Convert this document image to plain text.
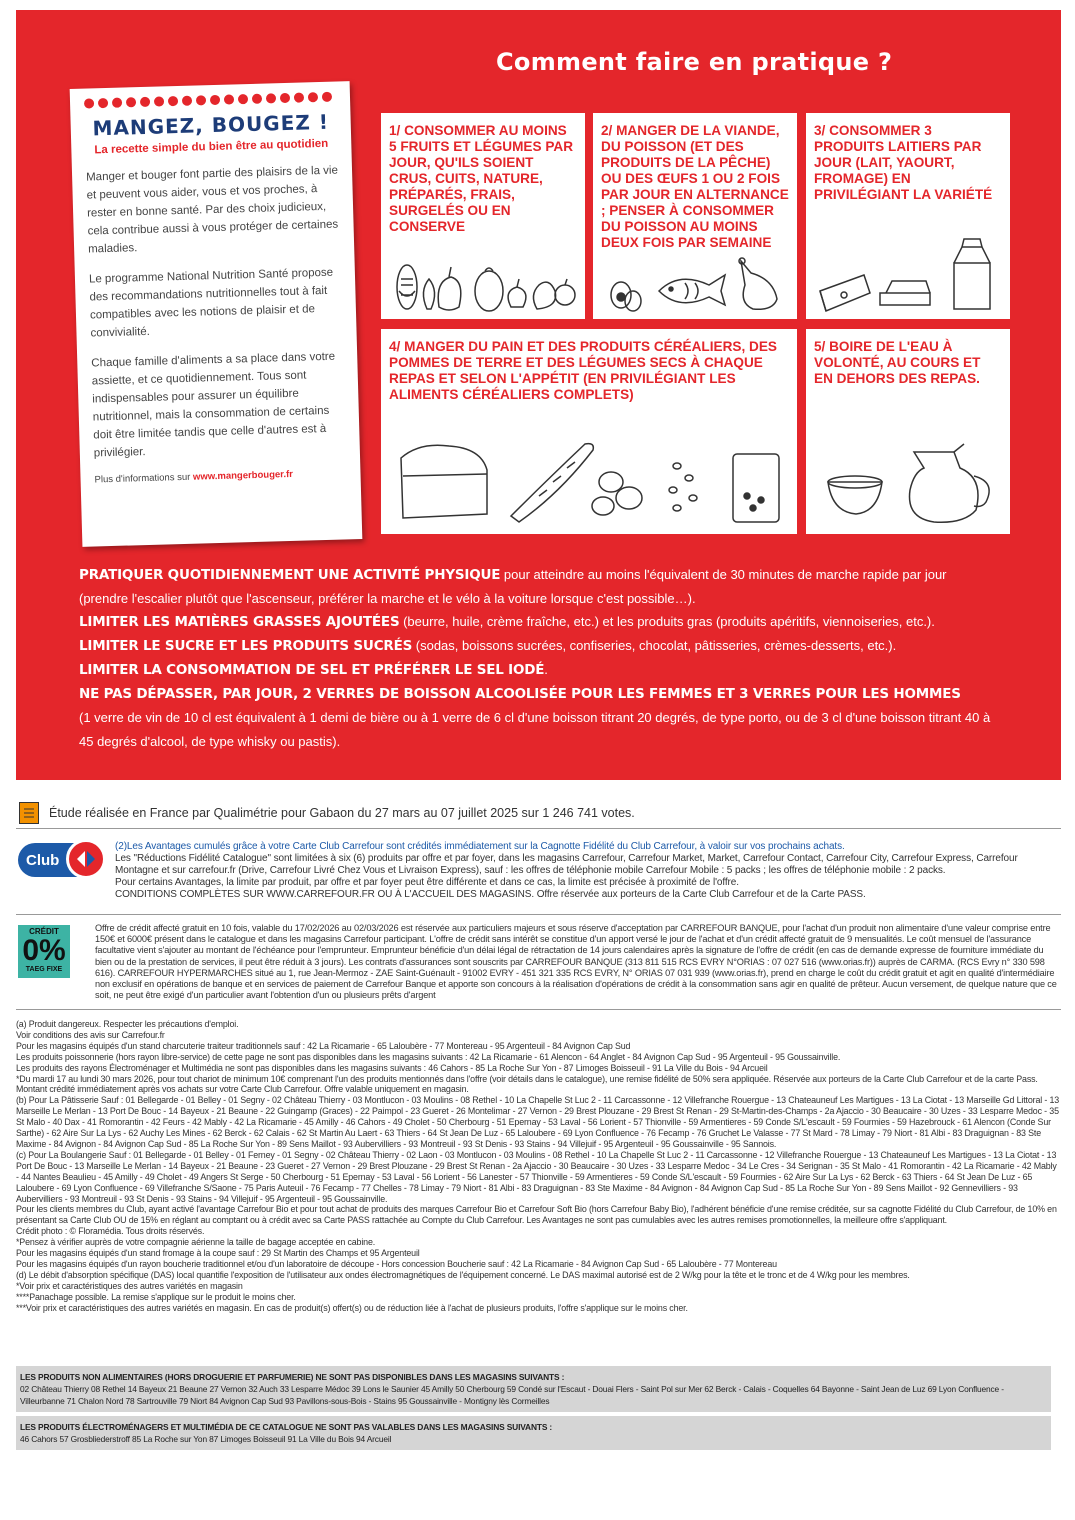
Comment faire en pratique ?
MANGEZ, BOUGEZ !
La recette simple du bien être au quotidien

Manger et bouger font partie des plaisirs de la vie et peuvent vous aider, vous et vos proches, à rester en bonne santé. Par des choix judicieux, cela contribue aussi à vous protéger de certaines maladies.

Le programme National Nutrition Santé propose des recommandations nutritionnelles tout à fait compatibles avec les notions de plaisir et de convivialité.

Chaque famille d'aliments a sa place dans votre assiette, et ce quotidiennement. Tous sont indispensables pour assurer un équilibre nutritionnel, mais la consommation de certains doit être limitée tandis que celle d'autres est à privilégier.

Plus d'informations sur www.mangerbouger.fr

1/ CONSOMMER AU MOINS 5 FRUITS ET LÉGUMES PAR JOUR, QU'ILS SOIENT CRUS, CUITS, NATURE, PRÉPARÉS, FRAIS, SURGELÉS OU EN CONSERVE
2/ MANGER DE LA VIANDE, DU POISSON (ET DES PRODUITS DE LA PÊCHE) OU DES ŒUFS 1 OU 2 FOIS PAR JOUR EN ALTERNANCE ; PENSER À CONSOMMER DU POISSON AU MOINS DEUX FOIS PAR SEMAINE
3/ CONSOMMER 3 PRODUITS LAITIERS PAR JOUR (LAIT, YAOURT, FROMAGE) EN PRIVILÉGIANT LA VARIÉTÉ
4/ MANGER DU PAIN ET DES PRODUITS CÉRÉALIERS, DES POMMES DE TERRE ET DES LÉGUMES SECS À CHAQUE REPAS ET SELON L'APPÉTIT (EN PRIVILÉGIANT LES ALIMENTS CÉRÉALIERS COMPLETS)
5/ BOIRE DE L'EAU À VOLONTÉ, AU COURS ET EN DEHORS DES REPAS.
PRATIQUER QUOTIDIENNEMENT UNE ACTIVITÉ PHYSIQUE pour atteindre au moins l'équivalent de 30 minutes de marche rapide par jour (prendre l'escalier plutôt que l'ascenseur, préférer la marche et le vélo à la voiture lorsque c'est possible…).
LIMITER LES MATIÈRES GRASSES AJOUTÉES (beurre, huile, crème fraîche, etc.) et les produits gras (produits apéritifs, viennoiseries, etc.).
LIMITER LE SUCRE ET LES PRODUITS SUCRÉS (sodas, boissons sucrées, confiseries, chocolat, pâtisseries, crèmes-desserts, etc.).
LIMITER LA CONSOMMATION DE SEL ET PRÉFÉRER LE SEL IODÉ.
NE PAS DÉPASSER, PAR JOUR, 2 VERRES DE BOISSON ALCOOLISÉE POUR LES FEMMES ET 3 VERRES POUR LES HOMMES
(1 verre de vin de 10 cl est équivalent à 1 demi de bière ou à 1 verre de 6 cl d'une boisson titrant 20 degrés, de type porto, ou de 3 cl d'une boisson titrant 40 à 45 degrés d'alcool, de type whisky ou pastis).
Étude réalisée en France par Qualimétrie pour Gabaon du 27 mars au 07 juillet 2025 sur 1 246 741 votes.
Club
(2)Les Avantages cumulés grâce à votre Carte Club Carrefour sont crédités immédiatement sur la Cagnotte Fidélité du Club Carrefour, à valoir sur vos prochains achats.
Les "Réductions Fidélité Catalogue" sont limitées à six (6) produits par offre et par foyer, dans les magasins Carrefour, Carrefour Market, Market, Carrefour Contact, Carrefour City, Carrefour Express, Carrefour Montagne et sur carrefour.fr (Drive, Carrefour Livré Chez Vous et Livraison Express), sauf : les offres de téléphonie mobile Carrefour Mobile : 5 packs ; les offres de téléphonie mobile : 2 packs.
Pour certains Avantages, la limite par produit, par offre et par foyer peut être différente et dans ce cas, la limite est précisée à proximité de l'offre.
CONDITIONS COMPLÈTES SUR WWW.CARREFOUR.FR OU À L'ACCUEIL DES MAGASINS. Offre réservée aux porteurs de la Carte Club Carrefour et de la Carte PASS.
CRÉDIT
0%
TAEG FIXE
Offre de crédit affecté gratuit en 10 fois, valable du 17/02/2026 au 02/03/2026 est réservée aux particuliers majeurs et sous réserve d'acceptation par CARREFOUR BANQUE, pour l'achat d'un produit non alimentaire d'une valeur comprise entre 150€ et 6000€ présent dans le catalogue et dans les magasins Carrefour participant. L'offre de crédit sans intérêt se constitue d'un apport versé le jour de l'achat et d'un crédit affecté gratuit de 9 mensualités. Le coût mensuel de l'assurance facultative vient s'ajouter au montant de l'échéance pour l'emprunteur. Emprunteur bénéficie d'un délai légal de rétractation de 14 jours calendaires après la signature de l'offre de crédit (en cas de demande expresse de fourniture immédiate du bien ou de la prestation de services, il peut être réduit à 3 jours). Les contrats d'assurances sont souscrits par CARREFOUR BANQUE (313 811 515 RCS EVRY N°ORIAS : 07 027 516 (www.orias.fr)) auprès de CARMA. (RCS Evry n° 330 598 616). CARREFOUR HYPERMARCHES situé au 1, rue Jean-Mermoz - ZAE Saint-Guénault - 91002 EVRY - 451 321 335 RCS EVRY, N° ORIAS 07 031 939 (www.orias.fr), prend en charge le coût du crédit gratuit et agit en qualité d'intermédiaire non exclusif en opérations de banque et en services de paiement de Carrefour Banque et apporte son concours à la réalisation d'opérations de crédit à la consommation sans agir en qualité de prêteur. Aucun versement, de quelque nature que ce soit, ne peut être exigé d'un particulier avant l'obtention d'un ou plusieurs prêts d'argent
(a) Produit dangereux. Respecter les précautions d'emploi.
Voir conditions des avis sur Carrefour.fr
Pour les magasins équipés d'un stand charcuterie traiteur traditionnels sauf : 42 La Ricamarie - 65 Laloubère - 77 Montereau - 95 Argenteuil - 84 Avignon Cap Sud
Les produits poissonnerie (hors rayon libre-service) de cette page ne sont pas disponibles dans les magasins suivants : 42 La Ricamarie - 61 Alencon - 64 Anglet - 84 Avignon Cap Sud - 95 Argenteuil - 95 Goussainville.
Les produits des rayons Électroménager et Multimédia ne sont pas disponibles dans les magasins suivants : 46 Cahors - 85 La Roche Sur Yon - 87 Limoges Boisseuil - 91 La Ville du Bois - 94 Arcueil
*Du mardi 17 au lundi 30 mars 2026, pour tout chariot de minimum 10€ comprenant l'un des produits mentionnés dans l'offre (voir détails dans le catalogue), une remise fidélité de 50% sera appliquée. Réservée aux porteurs de la Carte Club Carrefour et de la carte Pass. Montant crédité immédiatement après vos achats sur votre Carte Club Carrefour. Offre valable uniquement en magasin.
(b) Pour La Pâtisserie Sauf : 01 Bellegarde - 01 Belley - 01 Segny - 02 Château Thierry - 03 Montlucon - 03 Moulins - 08 Rethel - 10 La Chapelle St Luc 2 - 11 Carcassonne - 12 Villefranche Rouergue - 13 Chateauneuf Les Martigues - 13 La Ciotat - 13 Marseille Gd Littoral - 13 Marseille Le Merlan - 13 Port De Bouc - 14 Bayeux - 21 Beaune - 22 Guingamp (Graces) - 22 Paimpol - 23 Gueret - 26 Montelimar - 27 Vernon - 29 Brest Plouzane - 29 Brest St Renan - 29 St-Martin-des-Champs - 2a Ajaccio - 30 Beaucaire - 30 Uzes - 33 Lesparre Medoc - 35 St Malo - 40 Dax - 41 Romorantin - 42 Feurs - 42 Mably - 42 La Ricamarie - 45 Amilly - 46 Cahors - 49 Cholet - 50 Cherbourg - 51 Epernay - 53 Laval - 56 Lorient - 57 Thionville - 59 Armentieres - 59 Conde S/L'escault - 59 Fourmies - 59 Hazebrouck - 61 Alencon (Conde Sur Sarthe) - 62 Aire Sur La Lys - 62 Auchy Les Mines - 62 Berck - 62 Calais - 62 St Martin Au Laert - 63 Thiers - 64 St Jean De Luz - 65 Laloubere - 69 Lyon Confluence - 76 Fecamp - 76 Gruchet Le Valasse - 77 St Mard - 78 Limay - 79 Niort - 81 Albi - 83 Draguignan - 83 Ste Maxime - 84 Avignon - 84 Avignon Cap Sud - 85 La Roche Sur Yon - 89 Sens Maillot - 93 Aubervilliers - 93 Montreuil - 93 St Denis - 93 Stains - 94 Villejuif - 95 Argenteuil - 95 Goussainville - 95 Sannois.
(c) Pour La Boulangerie Sauf : 01 Bellegarde - 01 Belley - 01 Ferney - 01 Segny - 02 Château Thierry - 02 Laon - 03 Montlucon - 03 Moulins - 08 Rethel - 10 La Chapelle St Luc 2 - 11 Carcassonne - 12 Villefranche Rouergue - 13 Chateauneuf Les Martigues - 13 La Ciotat - 13 Port De Bouc - 13 Marseille Le Merlan - 14 Bayeux - 21 Beaune - 23 Gueret - 27 Vernon - 29 Brest Plouzane - 29 Brest St Renan - 2a Ajaccio - 30 Beaucaire - 30 Uzes - 33 Lesparre Medoc - 34 Le Cres - 34 Serignan - 35 St Malo - 41 Romorantin - 42 La Ricamarie - 42 Mably - 44 Nantes Beaulieu - 45 Amilly - 49 Cholet - 49 Angers St Serge - 50 Cherbourg - 51 Epernay - 53 Laval - 56 Lorient - 56 Lanester - 57 Thionville - 59 Armentieres - 59 Conde S/L'escault - 59 Fourmies - 62 Aire Sur La Lys - 62 Berck - 63 Thiers - 64 St Jean De Luz - 65 Laloubere - 69 Lyon Confluence - 69 Villefranche S/Saone - 75 Paris Auteuil - 76 Fecamp - 77 Chelles - 78 Limay - 79 Niort - 81 Albi - 83 Draguignan - 83 Ste Maxime - 84 Avignon - 84 Avignon Cap Sud - 85 La Roche Sur Yon - 89 Sens Maillot - 92 Gennevilliers - 93 Aubervilliers - 93 Montreuil - 93 St Denis - 93 Stains - 94 Villejuif - 95 Argenteuil - 95 Goussainville.
Pour les clients membres du Club, ayant activé l'avantage Carrefour Bio et pour tout achat de produits des marques Carrefour Bio et Carrefour Soft Bio (hors Carrefour Baby Bio), l'adhérent bénéficie d'une remise créditée, sur sa cagnotte Fidélité du Club Carrefour, de 10% en présentant sa Carte Club OU de 15% en réglant au comptant ou à crédit avec sa Carte PASS rattachée au Compte du Club Carrefour. Les Avantages ne sont pas cumulables avec les autres remises promotionnelles, la meilleure offre s'appliquant.
Crédit photo : © Floramédia. Tous droits réservés.
*Pensez à vérifier auprès de votre compagnie aérienne la taille de bagage acceptée en cabine.
Pour les magasins équipés d'un stand fromage à la coupe sauf : 29 St Martin des Champs et 95 Argenteuil
Pour les magasins équipés d'un rayon boucherie traditionnel et/ou d'un laboratoire de découpe - Hors concession Boucherie sauf : 42 La Ricamarie - 84 Avignon Cap Sud - 65 Laloubère - 77 Montereau
(d) Le débit d'absorption spécifique (DAS) local quantifie l'exposition de l'utilisateur aux ondes électromagnétiques de l'équipement concerné. Le DAS maximal autorisé est de 2 W/kg pour la tête et le tronc et de 4 W/kg pour les membres.
*Voir prix et caractéristiques des autres variétés en magasin
****Panachage possible. La remise s'applique sur le produit le moins cher.
***Voir prix et caractéristiques des autres variétés en magasin. En cas de produit(s) offert(s) ou de réduction liée à l'achat de plusieurs produits, l'offre s'applique sur le moins cher.
LES PRODUITS NON ALIMENTAIRES (HORS DROGUERIE ET PARFUMERIE) NE SONT PAS DISPONIBLES DANS LES MAGASINS SUIVANTS :
02 Château Thierry 08 Rethel 14 Bayeux 21 Beaune 27 Vernon 32 Auch 33 Lesparre Médoc 39 Lons le Saunier 45 Amilly 50 Cherbourg 59 Condé sur l'Escaut - Douai Flers - Saint Pol sur Mer 62 Berck - Calais - Coquelles 64 Bayonne - Saint Jean de Luz 69 Lyon Confluence - Villeurbanne 71 Chalon Nord 78 Sartrouville 79 Niort 84 Avignon Cap Sud 93 Pavillons-sous-Bois - Stains 95 Goussainville - Montigny lès Cormeilles
LES PRODUITS ÉLECTROMÉNAGERS ET MULTIMÉDIA DE CE CATALOGUE NE SONT PAS VALABLES DANS LES MAGASINS SUIVANTS :
46 Cahors 57 Grosbliederstroff 85 La Roche sur Yon 87 Limoges Boisseuil 91 La Ville du Bois 94 Arcueil
